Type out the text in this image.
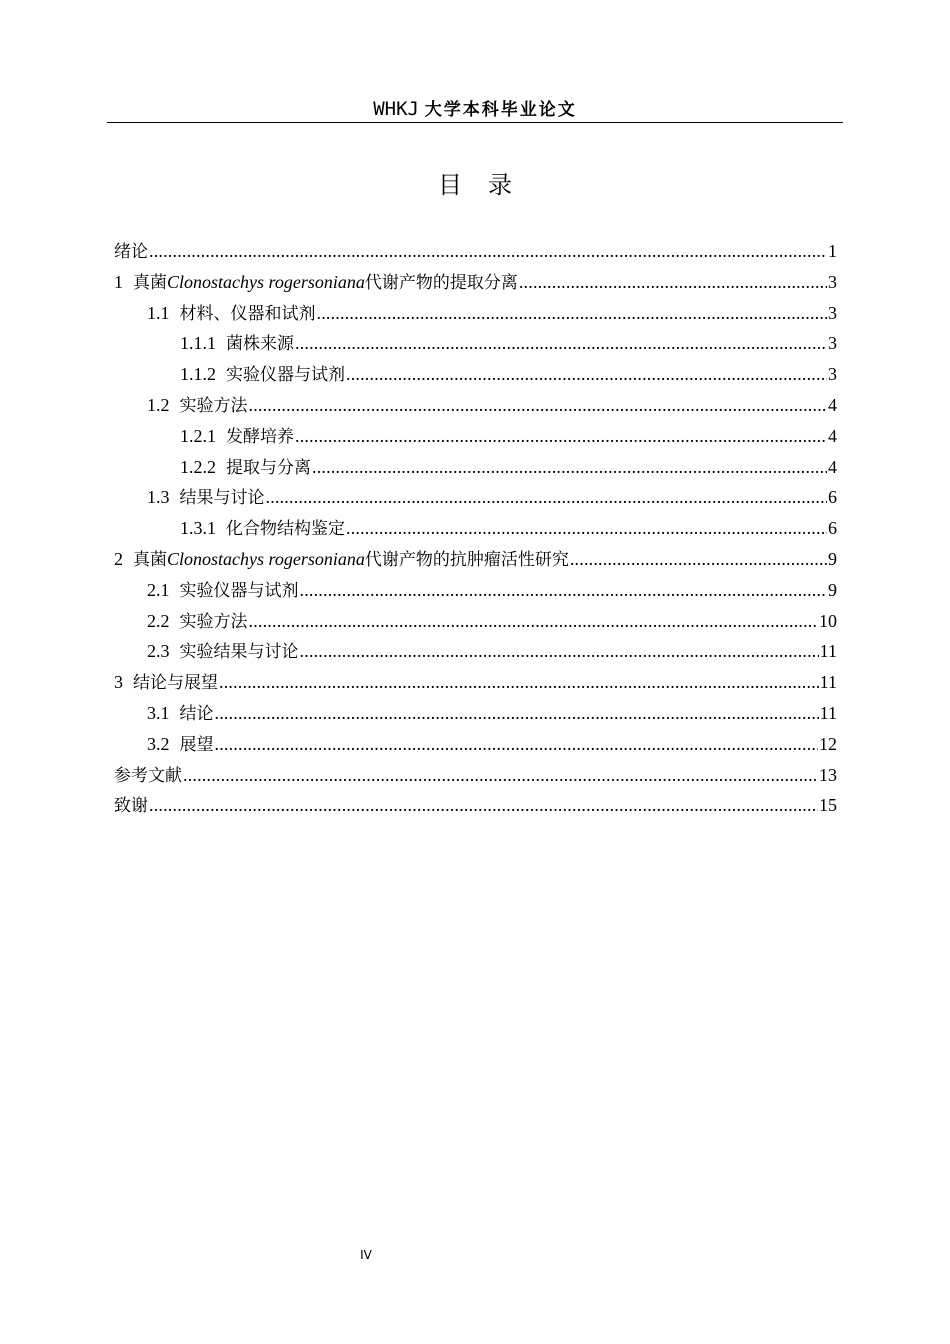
WHKJ 大学本科毕业论文
目录
绪论 .....	1
1 真菌 Clonostachys rogersoniana 代谢产物的提取分离 .....	3
1.1 材料、仪器和试剂 .....	3
1.1.1 菌株来源 .....	3
1.1.2 实验仪器与试剂 .....	3
1.2 实验方法 .....	4
1.2.1 发酵培养 .....	4
1.2.2 提取与分离 .....	4
1.3 结果与讨论 .....	6
1.3.1 化合物结构鉴定 .....	6
2 真菌 Clonostachys rogersoniana 代谢产物的抗肿瘤活性研究 .....	9
2.1 实验仪器与试剂 .....	9
2.2 实验方法 .....	10
2.3 实验结果与讨论 .....	11
3 结论与展望 .....	11
3.1 结论 .....	11
3.2 展望 .....	12
参考文献 .....	13
致谢 .....	15
IV
